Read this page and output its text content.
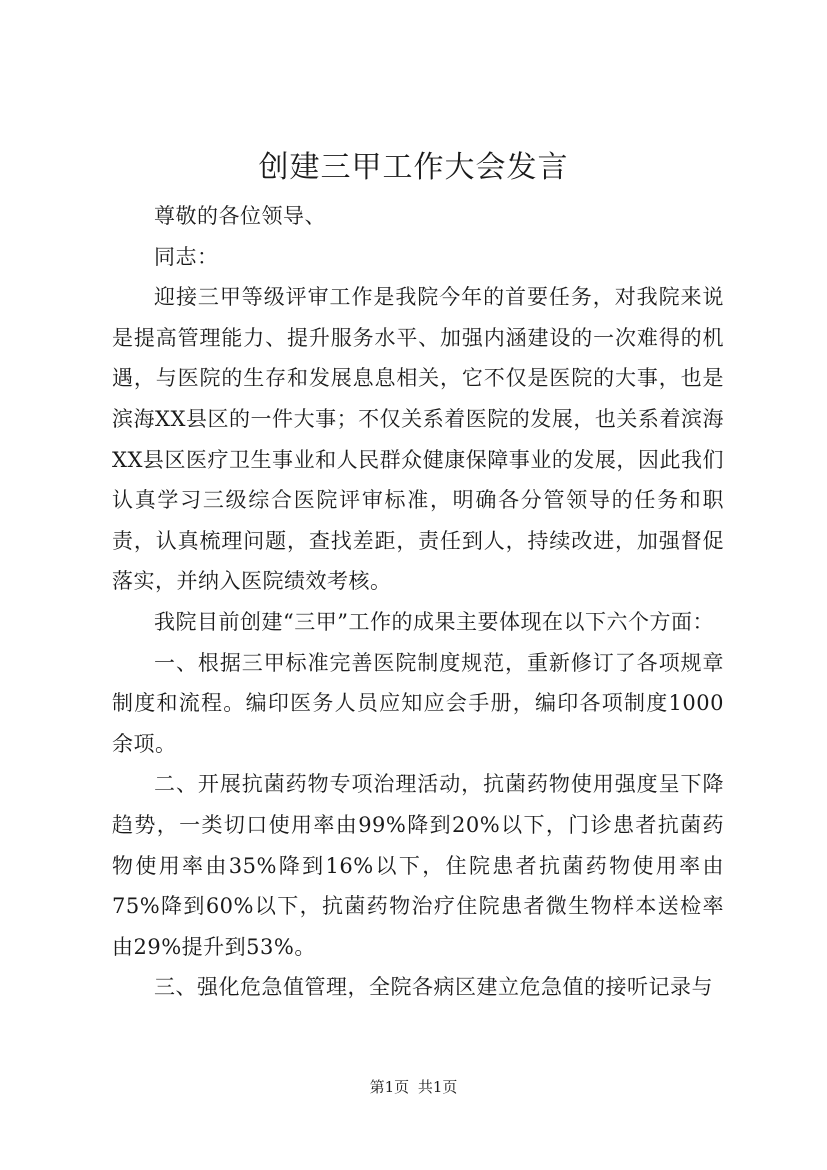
创建三甲工作大会发言

尊敬的各位领导、

同志：

迎接三甲等级评审工作是我院今年的首要任务，对我院来说是提高管理能力、提升服务水平、加强内涵建设的一次难得的机遇，与医院的生存和发展息息相关，它不仅是医院的大事，也是滨海XX县区的一件大事；不仅关系着医院的发展，也关系着滨海XX县区医疗卫生事业和人民群众健康保障事业的发展，因此我们认真学习三级综合医院评审标准，明确各分管领导的任务和职责，认真梳理问题，查找差距，责任到人，持续改进，加强督促落实，并纳入医院绩效考核。

我院目前创建“三甲”工作的成果主要体现在以下六个方面：

一、根据三甲标准完善医院制度规范，重新修订了各项规章制度和流程。编印医务人员应知应会手册，编印各项制度1000余项。

二、开展抗菌药物专项治理活动，抗菌药物使用强度呈下降趋势，一类切口使用率由99%降到20%以下，门诊患者抗菌药物使用率由35%降到16%以下，住院患者抗菌药物使用率由75%降到60%以下，抗菌药物治疗住院患者微生物样本送检率由29%提升到53%。

三、强化危急值管理，全院各病区建立危急值的接听记录与

第1页 共1页
